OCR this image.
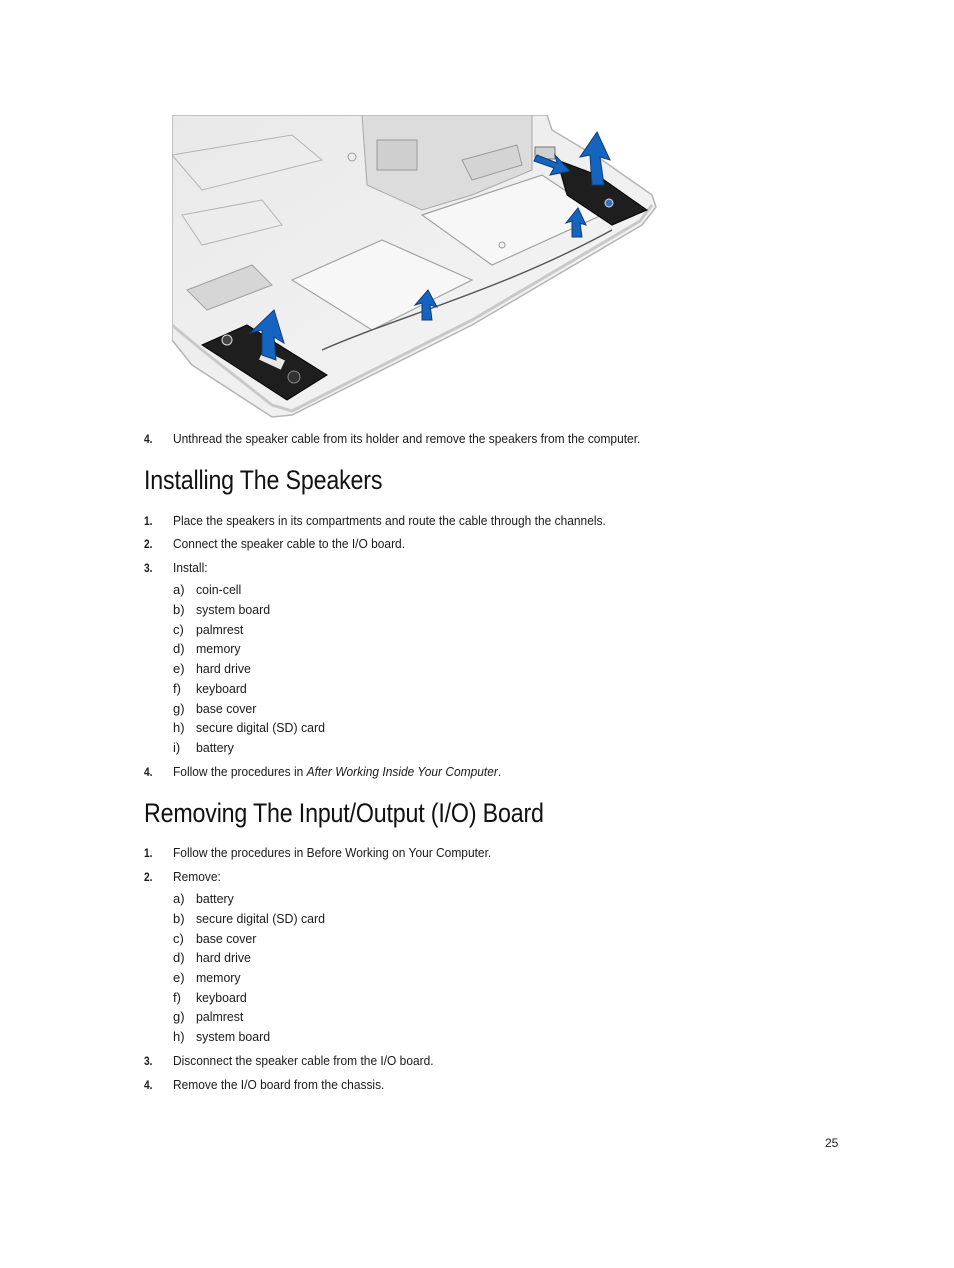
4.	Unthread the speaker cable from its holder and remove the speakers from the computer.
Installing The Speakers
1.	Place the speakers in its compartments and route the cable through the channels.
2.	Connect the speaker cable to the I/O board.
3.	Install:
a) coin-cell
b) system board
c) palmrest
d) memory
e) hard drive
f)	keyboard
g) base cover
h) secure digital (SD) card
i)	battery
4.	Follow the procedures in After Working Inside Your Computer.
Removing The Input/Output (I/O) Board
1.	Follow the procedures in Before Working on Your Computer.
2.	Remove:
a) battery
b) secure digital (SD) card
c) base cover
d) hard drive
e) memory
f)	keyboard
g) palmrest
h) system board
3.	Disconnect the speaker cable from the I/O board.
4.	Remove the I/O board from the chassis.
25
